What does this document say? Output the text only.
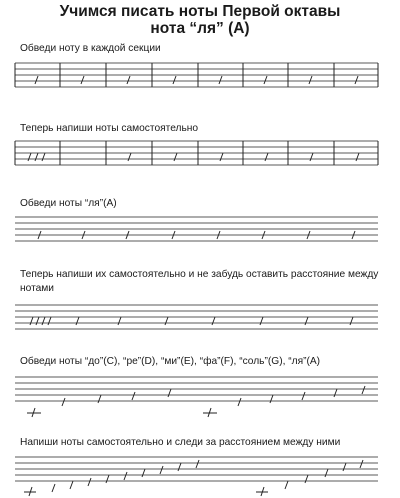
Учимся писать ноты Первой октавы
нота “ля” (А)
Обведи ноту в каждой секции
Теперь напиши ноты самостоятельно
Обведи ноты “ля”(А)
Теперь напиши их самостоятельно и не забудь оставить расстояние между нотами
Обведи ноты “до”(С), “ре”(D), “ми”(Е), “фа”(F), “соль”(G), “ля”(A)
Напиши ноты самостоятельно и следи за расстоянием между ними
